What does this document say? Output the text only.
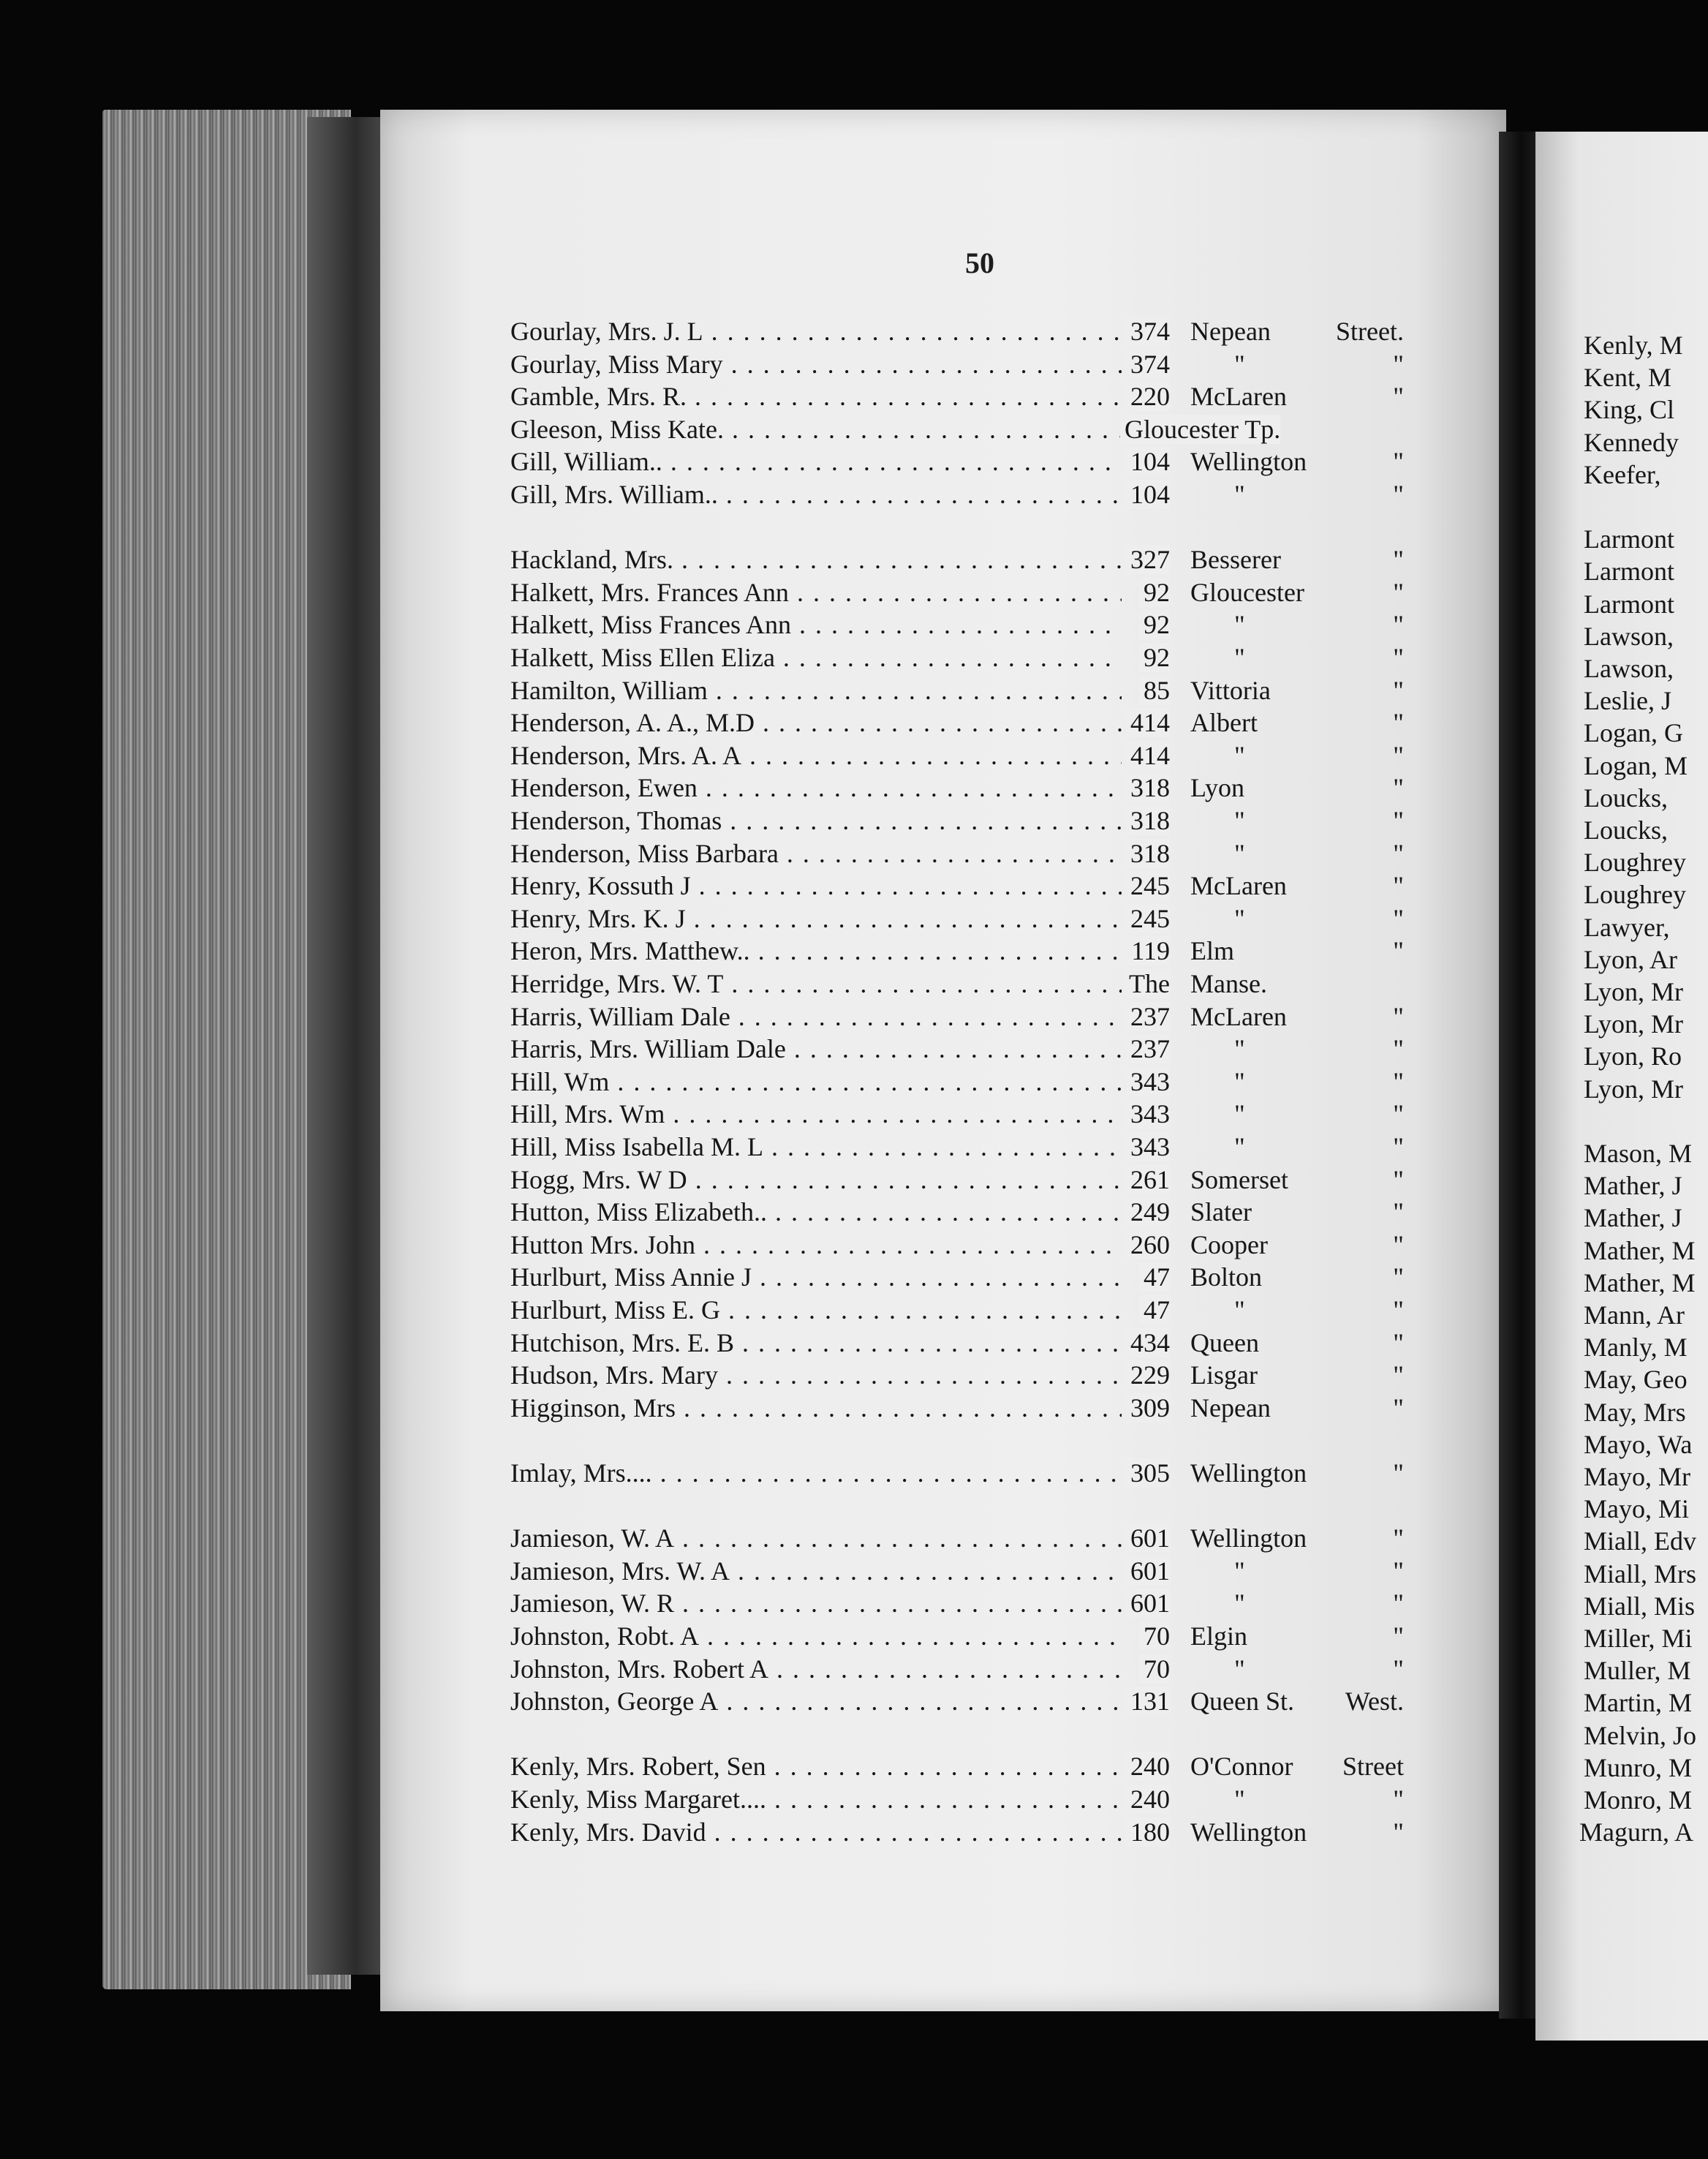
50
Gourlay, Mrs. J. L . . .	374 Nepean	Street.
Gourlay, Miss Mary . . .	374	"	"
Gamble, Mrs. R. . . .	220 McLaren	"
Gleeson, Miss Kate. . . .	Gloucester Tp.
Gill, William.. . . .	104 Wellington	"
Gill, Mrs. William.. . . .	104	"	"
Hackland, Mrs. . . .	327 Besserer	"
Halkett, Mrs. Frances Ann . . .	92 Gloucester	"
Halkett, Miss Frances Ann . . .	92	"	"
Halkett, Miss Ellen Eliza . . .	92	"	"
Hamilton, William . . .	85 Vittoria	"
Henderson, A. A., M.D . . .	414 Albert	"
Henderson, Mrs. A. A . . .	414	"	"
Henderson, Ewen . . .	318 Lyon	"
Henderson, Thomas . . .	318	"	"
Henderson, Miss Barbara . . .	318	"	"
Henry, Kossuth J . . .	245 McLaren	"
Henry, Mrs. K. J . . .	245	"	"
Heron, Mrs. Matthew.. . . .	119 Elm	"
Herridge, Mrs. W. T . . .	The Manse.
Harris, William Dale . . .	237 McLaren	"
Harris, Mrs. William Dale . . .	237	"	"
Hill, Wm . . .	343	"	"
Hill, Mrs. Wm . . .	343	"	"
Hill, Miss Isabella M. L . . .	343	"	"
Hogg, Mrs. W D . . .	261 Somerset	"
Hutton, Miss Elizabeth.. . . .	249 Slater	"
Hutton Mrs. John . . .	260 Cooper	"
Hurlburt, Miss Annie J . . .	47 Bolton	"
Hurlburt, Miss E. G . . .	47	"	"
Hutchison, Mrs. E. B . . .	434 Queen	"
Hudson, Mrs. Mary . . .	229 Lisgar	"
Higginson, Mrs . . .	309 Nepean	"
Imlay, Mrs.... . . .	305 Wellington	"
Jamieson, W. A . . .	601 Wellington	"
Jamieson, Mrs. W. A . . .	601	"	"
Jamieson, W. R . . .	601	"	"
Johnston, Robt. A . . .	70 Elgin	"
Johnston, Mrs. Robert A . . .	70	"	"
Johnston, George A . . .	131 Queen St.	West.
Kenly, Mrs. Robert, Sen . . .	240 O'Connor	Street
Kenly, Miss Margaret.... . . .	240	"	"
Kenly, Mrs. David . . .	180 Wellington	"
Kenly, M
Kent, M
King, Cl
Kennedy
Keefer,
Larmont
Larmont
Larmont
Lawson,
Lawson,
Leslie, J
Logan, G
Logan, M
Loucks,
Loucks,
Loughrey
Loughrey
Lawyer,
Lyon, Ar
Lyon, Mr
Lyon, Mr
Lyon, Ro
Lyon, Mr
Mason, M
Mather, J
Mather, J
Mather, M
Mather, M
Mann, Ar
Manly, M
May, Geo
May, Mrs
Mayo, Wa
Mayo, Mr
Mayo, Mi
Miall, Edv
Miall, Mrs
Miall, Mis
Miller, Mi
Muller, M
Martin, M
Melvin, Jo
Munro, M
Monro, M
Magurn, A
